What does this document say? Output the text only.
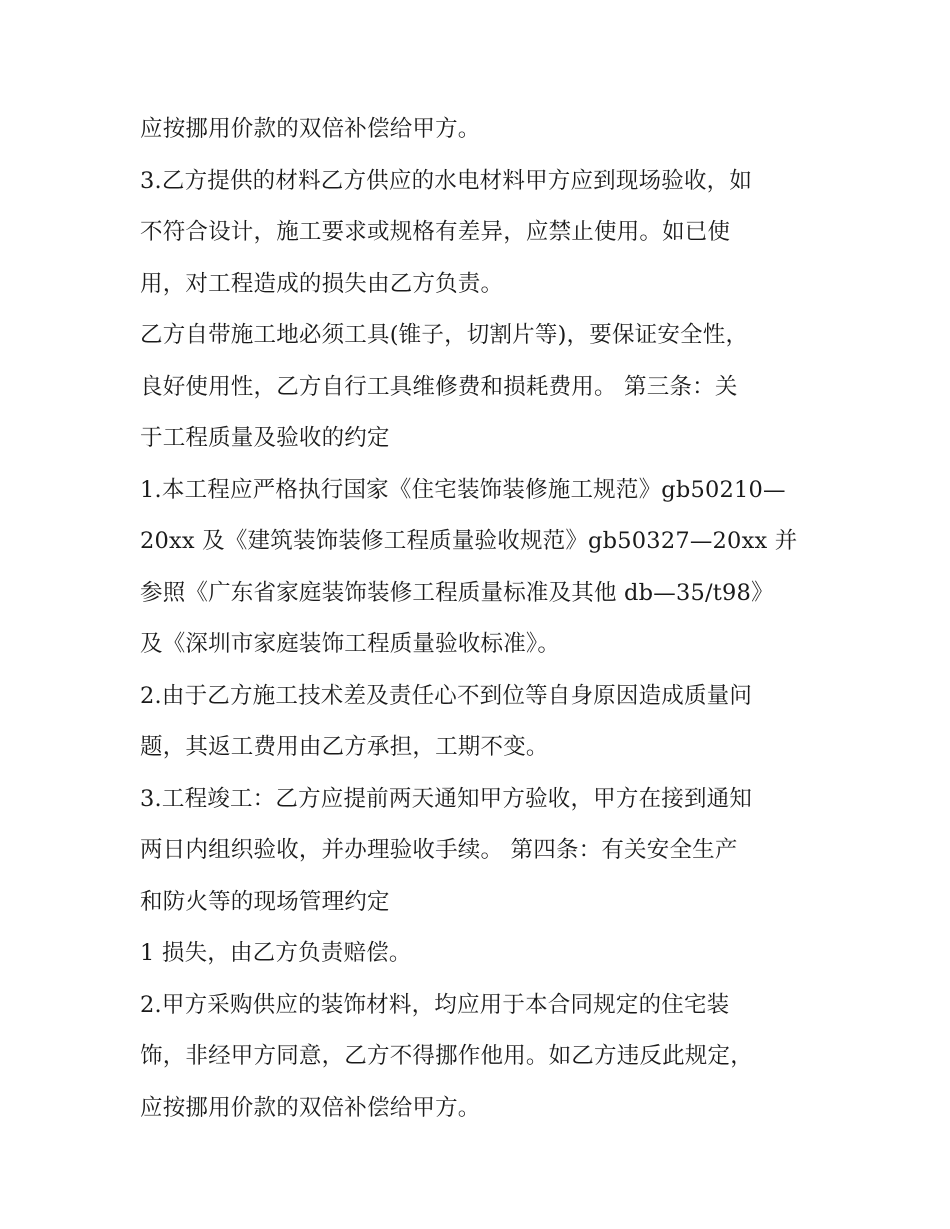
应按挪用价款的双倍补偿给甲方。
3.乙方提供的材料乙方供应的水电材料甲方应到现场验收，如
不符合设计，施工要求或规格有差异，应禁止使用。如已使
用，对工程造成的损失由乙方负责。
乙方自带施工地必须工具(锥子，切割片等)，要保证安全性，
良好使用性，乙方自行工具维修费和损耗费用。 第三条：关
于工程质量及验收的约定
1.本工程应严格执行国家《住宅装饰装修施工规范》gb50210—
20xx 及《建筑装饰装修工程质量验收规范》gb50327—20xx 并
参照《广东省家庭装饰装修工程质量标准及其他 db—35/t98》
及《深圳市家庭装饰工程质量验收标准》。
2.由于乙方施工技术差及责任心不到位等自身原因造成质量问
题，其返工费用由乙方承担，工期不变。
3.工程竣工：乙方应提前两天通知甲方验收，甲方在接到通知
两日内组织验收，并办理验收手续。 第四条：有关安全生产
和防火等的现场管理约定
1 损失，由乙方负责赔偿。
2.甲方采购供应的装饰材料，均应用于本合同规定的住宅装
饰，非经甲方同意，乙方不得挪作他用。如乙方违反此规定，
应按挪用价款的双倍补偿给甲方。
